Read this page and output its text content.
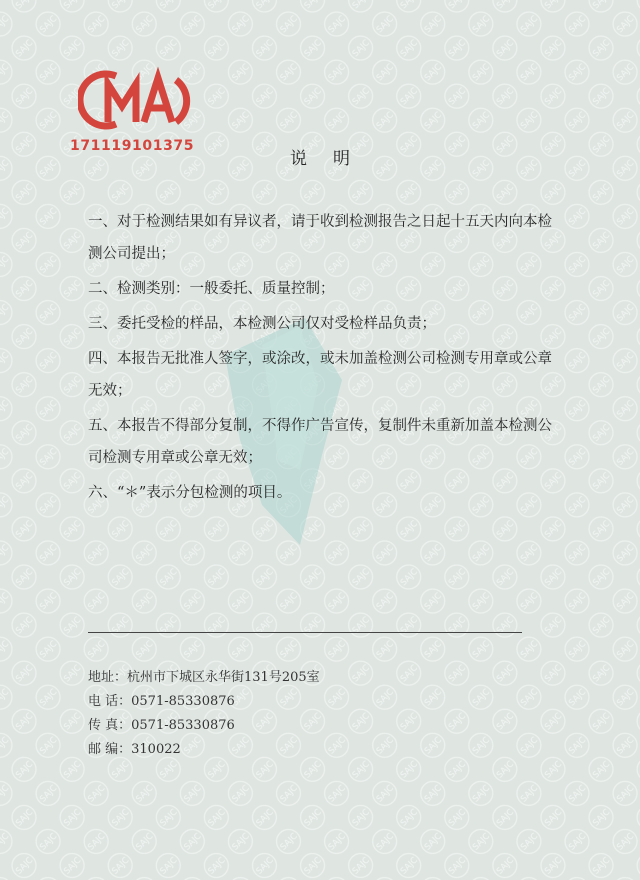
171119101375
说明

一、对于检测结果如有异议者，请于收到检测报告之日起十五天内向本检测公司提出；

二、检测类别：一般委托、质量控制；

三、委托受检的样品，本检测公司仅对受检样品负责；

四、本报告无批准人签字，或涂改，或未加盖检测公司检测专用章或公章无效；

五、本报告不得部分复制，不得作广告宣传，复制件未重新加盖本检测公司检测专用章或公章无效；

六、“＊”表示分包检测的项目。

地址：杭州市下城区永华街131号205室
电 话：0571-85330876
传 真：0571-85330876
邮 编：310022
